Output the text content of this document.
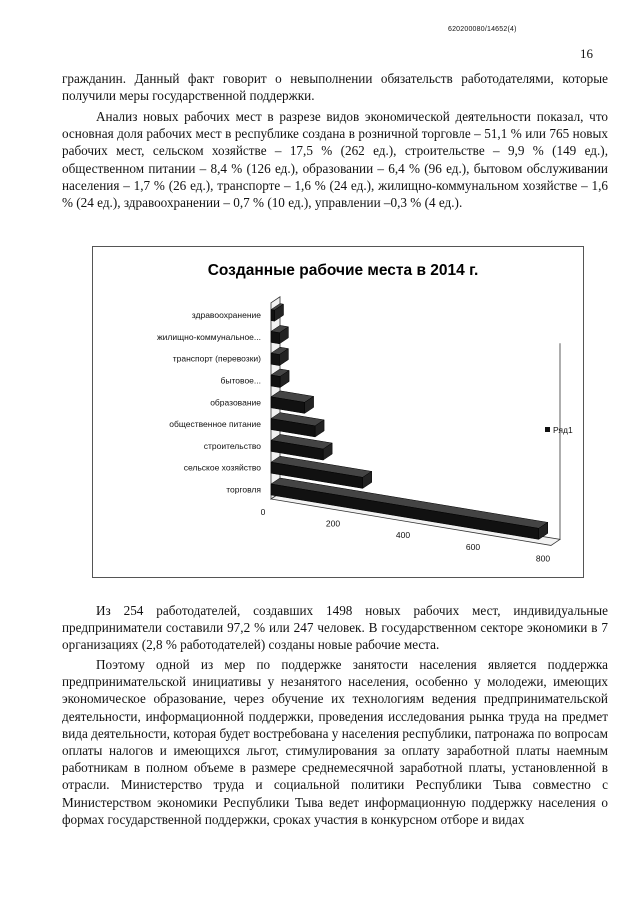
620200080/14652(4)
16

гражданин. Данный факт говорит о невыполнении обязательств работодателями, которые получили меры государственной поддержки.

Анализ новых рабочих мест в разрезе видов экономической деятельности показал, что основная доля рабочих мест в республике создана в розничной торговле – 51,1 % или 765 новых рабочих мест, сельском хозяйстве – 17,5 % (262 ед.), строительстве – 9,9 % (149 ед.), общественном питании – 8,4 % (126 ед.), образовании – 6,4 % (96 ед.), бытовом обслуживании населения – 1,7 % (26 ед.), транспорте – 1,6 % (24 ед.), жилищно-коммунальном хозяйстве – 1,6 % (24 ед.), здравоохранении – 0,7 % (10 ед.), управлении –0,3 % (4 ед.).

Созданные рабочие места в 2014 г.
здравоохранение
жилищно-коммунальное...
транспорт (перевозки)
бытовое...
образование
общественное питание
строительство
сельское хозяйство
торговля
0
200
400
600
800
Ряд1

Из 254 работодателей, создавших 1498 новых рабочих мест, индивидуальные предприниматели составили 97,2 % или 247 человек. В государственном секторе экономики в 7 организациях (2,8 % работодателей) созданы новые рабочие места.

Поэтому одной из мер по поддержке занятости населения является поддержка предпринимательской инициативы у незанятого населения, особенно у молодежи, имеющих экономическое образование, через обучение их технологиям ведения предпринимательской деятельности, информационной поддержки, проведения исследования рынка труда на предмет вида деятельности, которая будет востребована у населения республики, патронажа по вопросам оплаты налогов и имеющихся льгот, стимулирования за оплату заработной платы наемным работникам в полном объеме в размере среднемесячной заработной платы, установленной в отрасли. Министерство труда и социальной политики Республики Тыва совместно с Министерством экономики Республики Тыва ведет информационную поддержку населения о формах государственной поддержки, сроках участия в конкурсном отборе и видах
